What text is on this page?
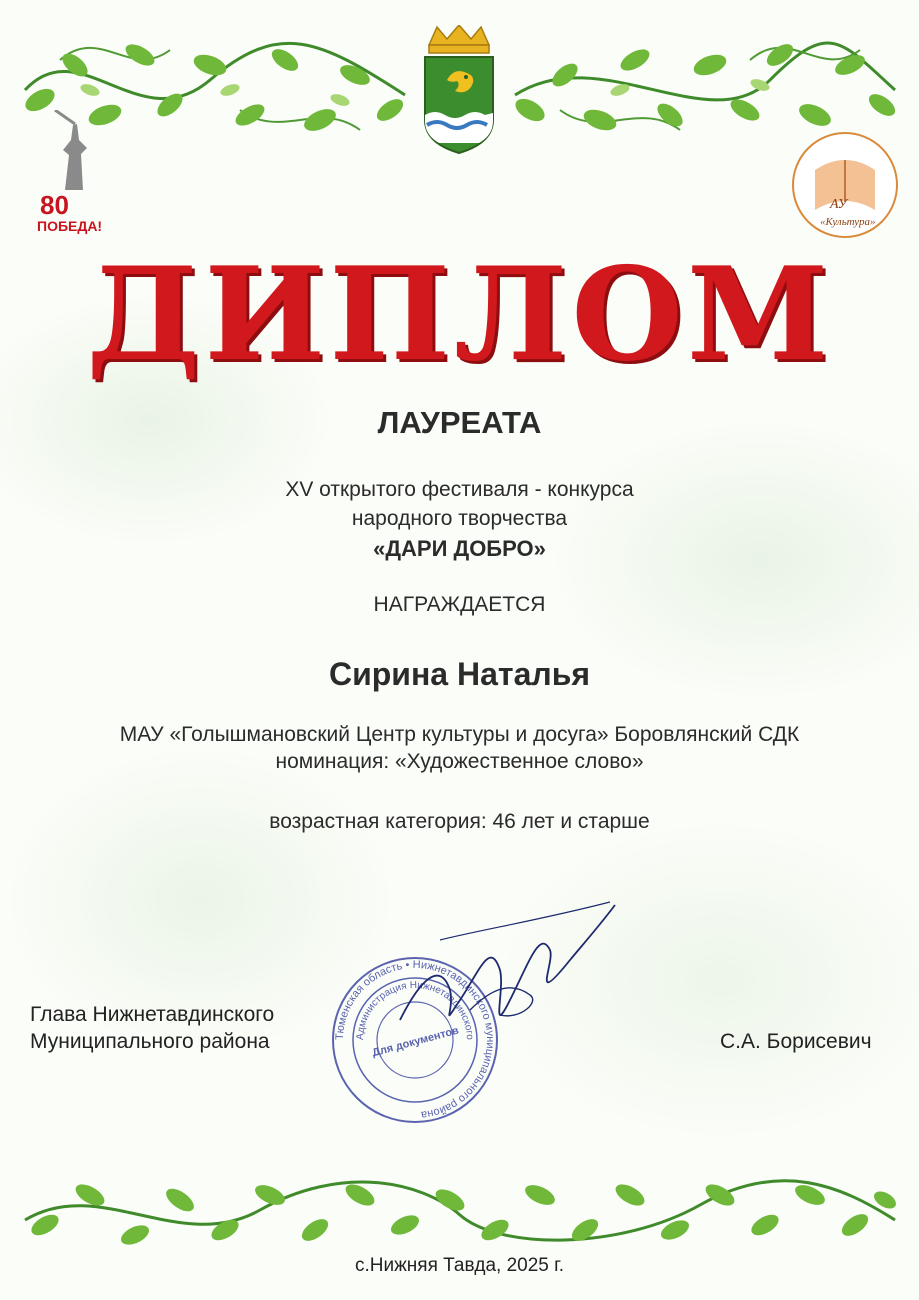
80
ПОБЕДА!
АУ
«Культура»
ДИПЛОМ
ЛАУРЕАТА
XV открытого фестиваля - конкурса
народного творчества
«ДАРИ ДОБРО»
НАГРАЖДАЕТСЯ
Сирина Наталья
МАУ «Голышмановский Центр культуры и досуга» Боровлянский СДК
номинация: «Художественное слово»
возрастная категория: 46 лет и старше
Глава Нижнетавдинского
Муниципального района	С.А. Борисевич
Тюменская область • Нижнетавдинского муниципального района
Администрация Нижнетавдинского
Для документов
с.Нижняя Тавда, 2025 г.
